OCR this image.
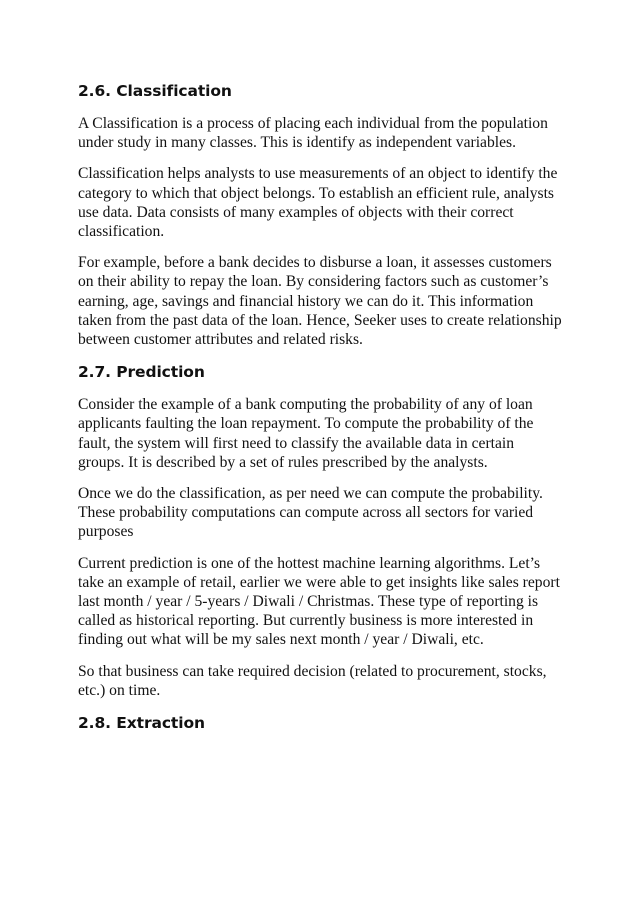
2.6. Classification

A Classification is a process of placing each individual from the population under study in many classes. This is identify as independent variables.

Classification helps analysts to use measurements of an object to identify the category to which that object belongs. To establish an efficient rule, analysts use data. Data consists of many examples of objects with their correct classification.

For example, before a bank decides to disburse a loan, it assesses customers on their ability to repay the loan. By considering factors such as customer’s earning, age, savings and financial history we can do it. This information taken from the past data of the loan. Hence, Seeker uses to create relationship between customer attributes and related risks.

2.7. Prediction

Consider the example of a bank computing the probability of any of loan applicants faulting the loan repayment. To compute the probability of the fault, the system will first need to classify the available data in certain groups. It is described by a set of rules prescribed by the analysts.

Once we do the classification, as per need we can compute the probability. These probability computations can compute across all sectors for varied purposes

Current prediction is one of the hottest machine learning algorithms. Let’s take an example of retail, earlier we were able to get insights like sales report last month / year / 5-years / Diwali / Christmas. These type of reporting is called as historical reporting. But currently business is more interested in finding out what will be my sales next month / year / Diwali, etc.

So that business can take required decision (related to procurement, stocks, etc.) on time.

2.8. Extraction
